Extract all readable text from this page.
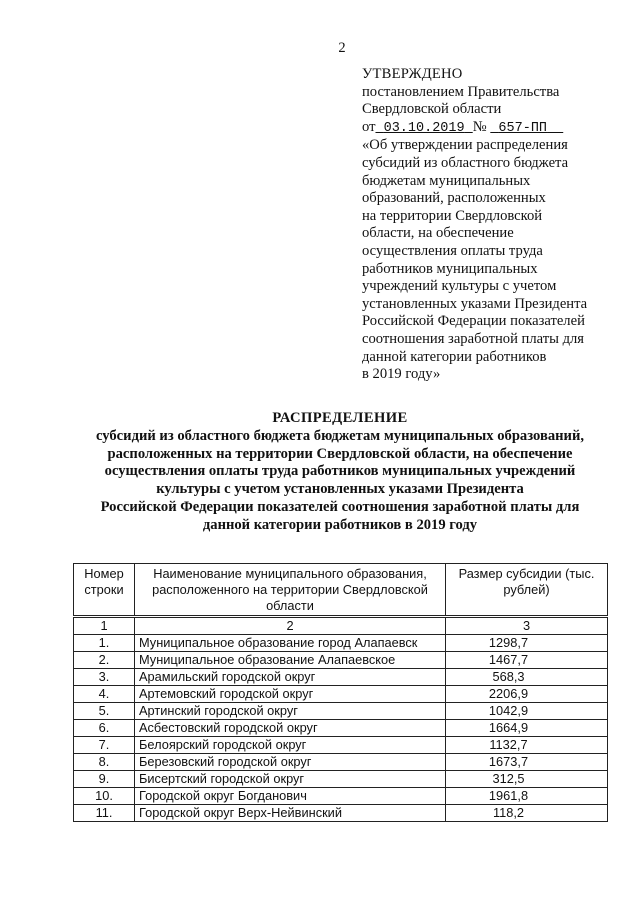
2
УТВЕРЖДЕНО
постановлением Правительства
Свердловской области
от 03.10.2019 № 657-ПП
«Об утверждении распределения
субсидий из областного бюджета
бюджетам муниципальных
образований, расположенных
на территории Свердловской
области, на обеспечение
осуществления оплаты труда
работников муниципальных
учреждений культуры с учетом
установленных указами Президента
Российской Федерации показателей
соотношения заработной платы для
данной категории работников
в 2019 году»
РАСПРЕДЕЛЕНИЕ
субсидий из областного бюджета бюджетам муниципальных образований,
расположенных на территории Свердловской области, на обеспечение
осуществления оплаты труда работников муниципальных учреждений
культуры с учетом установленных указами Президента
Российской Федерации показателей соотношения заработной платы для
данной категории работников в 2019 году
Номер строки	Наименование муниципального образования, расположенного на территории Свердловской области	Размер субсидии (тыс. рублей)
1	2	3
1.	Муниципальное образование город Алапаевск	1298,7
2.	Муниципальное образование Алапаевское	1467,7
3.	Арамильский городской округ	568,3
4.	Артемовский городской округ	2206,9
5.	Артинский городской округ	1042,9
6.	Асбестовский городской округ	1664,9
7.	Белоярский городской округ	1132,7
8.	Березовский городской округ	1673,7
9.	Бисертский городской округ	312,5
10.	Городской округ Богданович	1961,8
11.	Городской округ Верх-Нейвинский	118,2
